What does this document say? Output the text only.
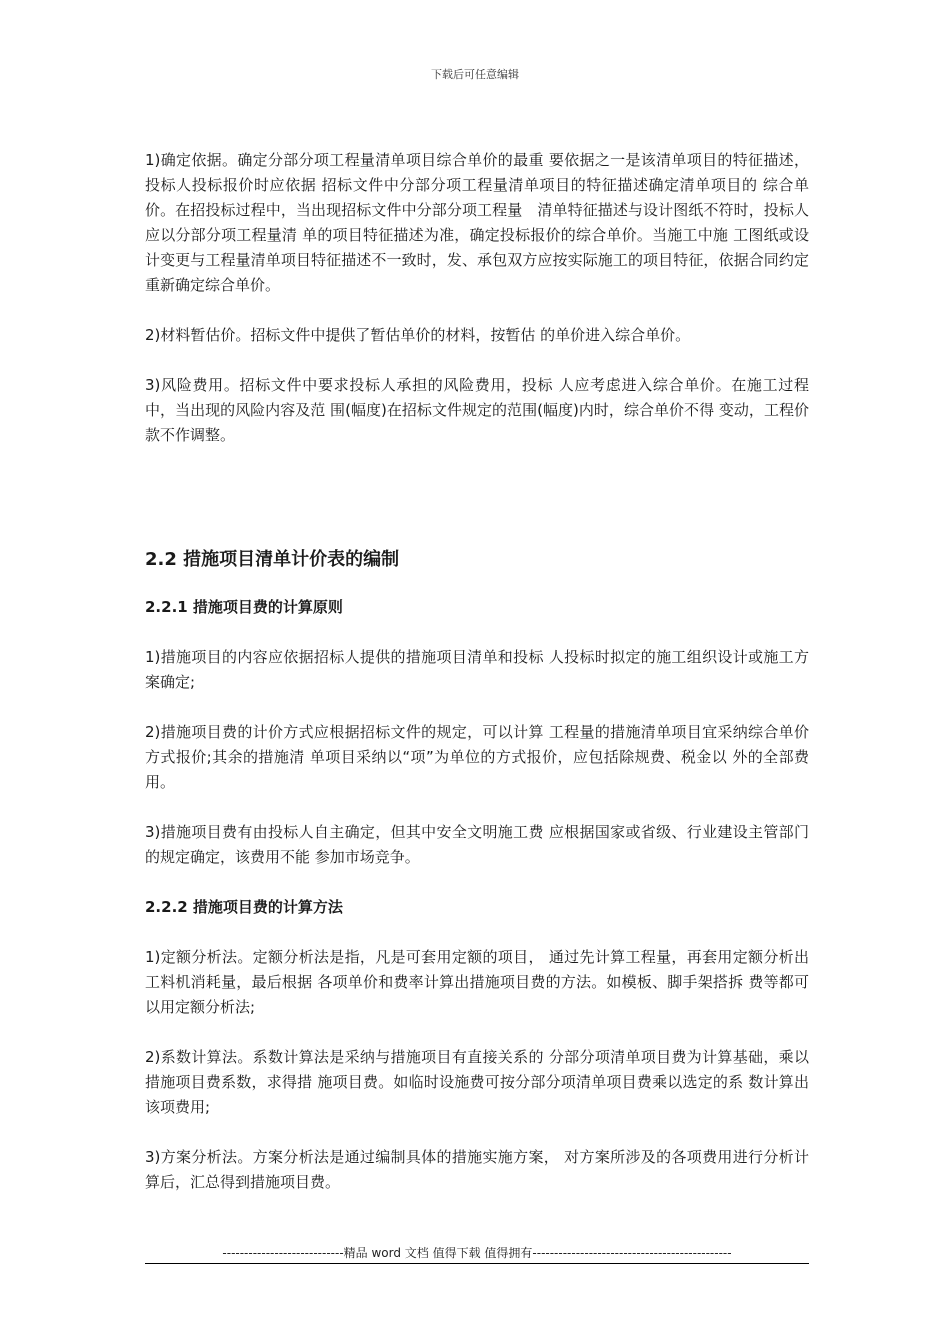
下载后可任意编辑

1)确定依据。确定分部分项工程量清单项目综合单价的最重 要依据之一是该清单项目的特征描述，投标人投标报价时应依据 招标文件中分部分项工程量清单项目的特征描述确定清单项目的 综合单价。在招投标过程中，当出现招标文件中分部分项工程量　清单特征描述与设计图纸不符时，投标人应以分部分项工程量清 单的项目特征描述为准，确定投标报价的综合单价。当施工中施 工图纸或设计变更与工程量清单项目特征描述不一致时，发、承包双方应按实际施工的项目特征，依据合同约定重新确定综合单价。

2)材料暂估价。招标文件中提供了暂估单价的材料，按暂估 的单价进入综合单价。

3)风险费用。招标文件中要求投标人承担的风险费用，投标 人应考虑进入综合单价。在施工过程中，当出现的风险内容及范 围(幅度)在招标文件规定的范围(幅度)内时，综合单价不得 变动，工程价款不作调整。

2.2 措施项目清单计价表的编制

2.2.1 措施项目费的计算原则

1)措施项目的内容应依据招标人提供的措施项目清单和投标 人投标时拟定的施工组织设计或施工方案确定;

2)措施项目费的计价方式应根据招标文件的规定，可以计算 工程量的措施清单项目宜采纳综合单价方式报价;其余的措施清 单项目采纳以“项”为单位的方式报价，应包括除规费、税金以 外的全部费用。

3)措施项目费有由投标人自主确定，但其中安全文明施工费 应根据国家或省级、行业建设主管部门的规定确定，该费用不能 参加市场竞争。

2.2.2 措施项目费的计算方法

1)定额分析法。定额分析法是指，凡是可套用定额的项目， 通过先计算工程量，再套用定额分析出工料机消耗量，最后根据 各项单价和费率计算出措施项目费的方法。如模板、脚手架搭拆 费等都可以用定额分析法;

2)系数计算法。系数计算法是采纳与措施项目有直接关系的 分部分项清单项目费为计算基础，乘以措施项目费系数，求得措 施项目费。如临时设施费可按分部分项清单项目费乘以选定的系 数计算出该项费用;

3)方案分析法。方案分析法是通过编制具体的措施实施方案， 对方案所涉及的各项费用进行分析计算后，汇总得到措施项目费。

----------------------------精品 word 文档 值得下载 值得拥有----------------------------------------------
